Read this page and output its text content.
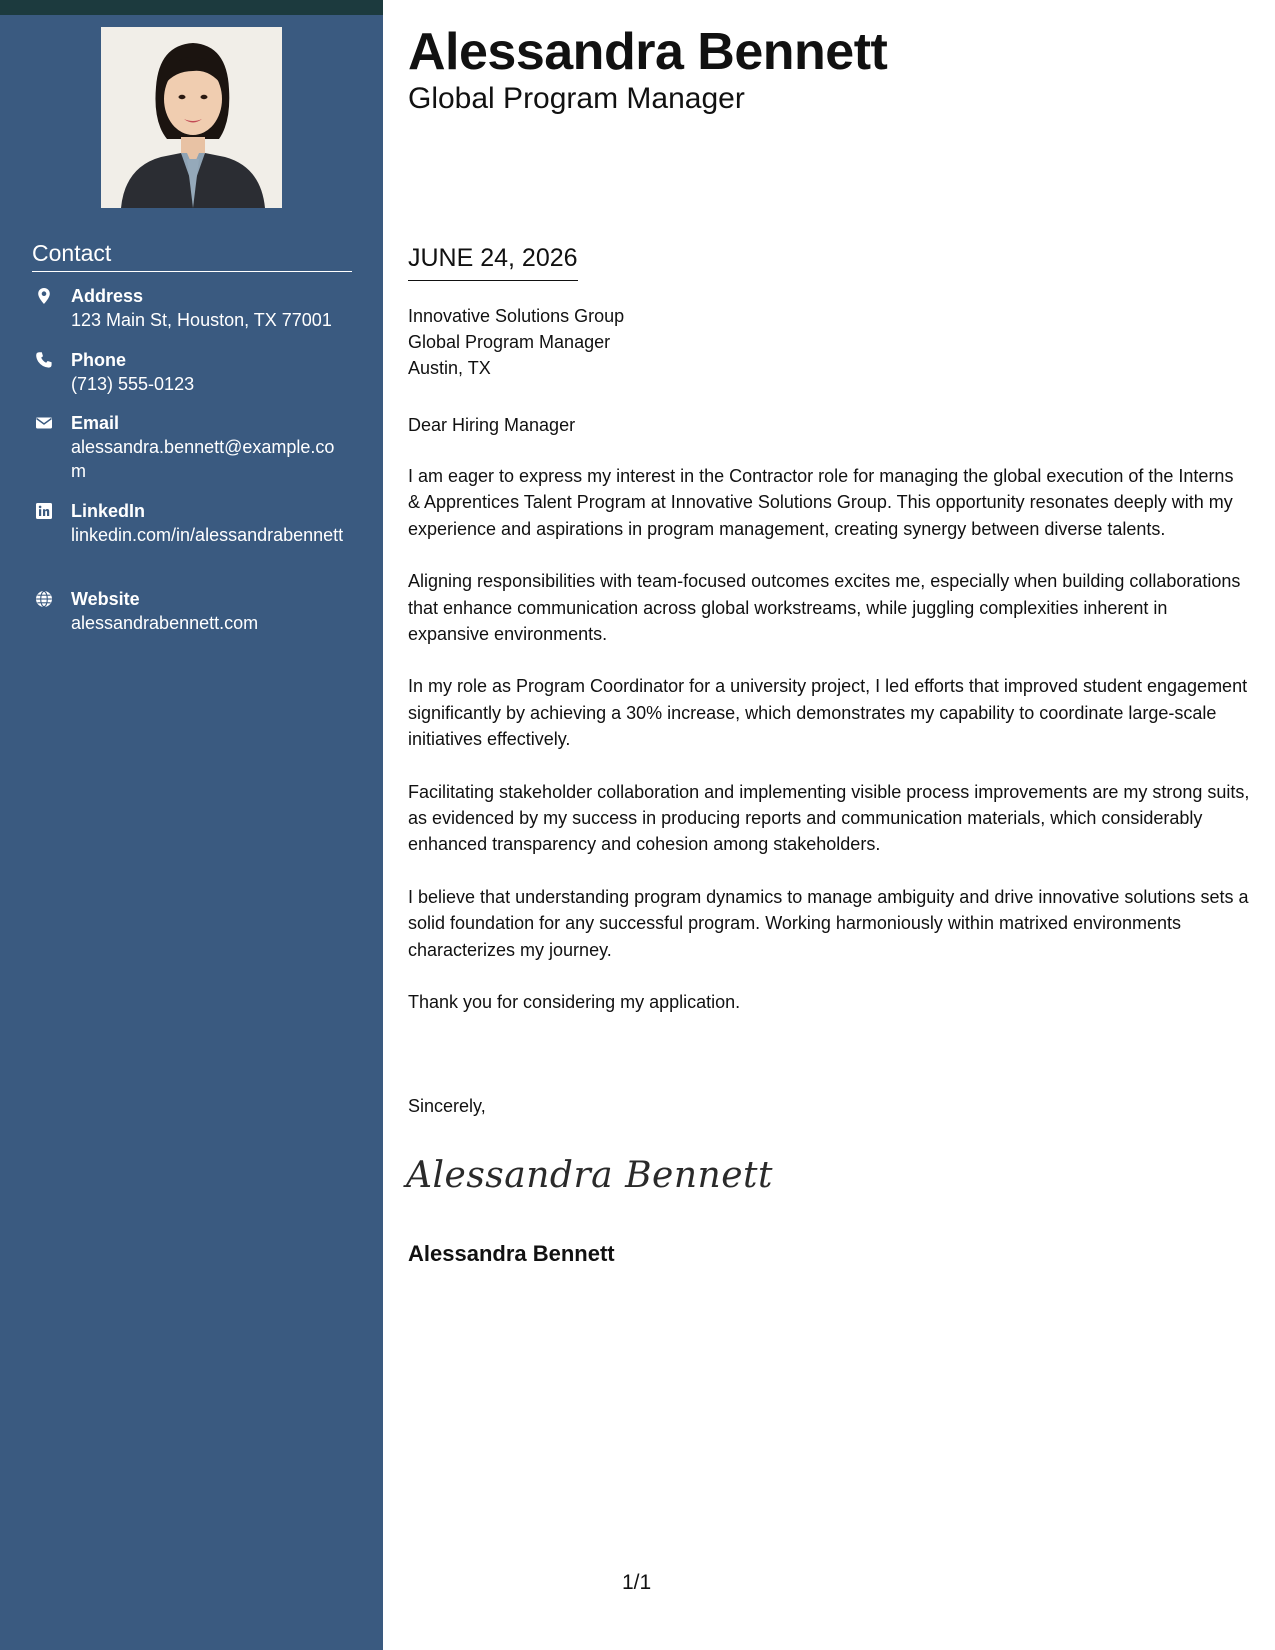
Contact
Address
123 Main St, Houston, TX 77001
Phone
(713) 555-0123
Email
alessandra.bennett@example.com
LinkedIn
linkedin.com/in/alessandrabennett
Website
alessandrabennett.com
Alessandra Bennett
Global Program Manager
JUNE 24, 2026
Innovative Solutions Group
Global Program Manager
Austin, TX
Dear Hiring Manager

I am eager to express my interest in the Contractor role for managing the global execution of the Interns & Apprentices Talent Program at Innovative Solutions Group. This opportunity resonates deeply with my experience and aspirations in program management, creating synergy between diverse talents.

Aligning responsibilities with team-focused outcomes excites me, especially when building collaborations that enhance communication across global workstreams, while juggling complexities inherent in expansive environments.

In my role as Program Coordinator for a university project, I led efforts that improved student engagement significantly by achieving a 30% increase, which demonstrates my capability to coordinate large-scale initiatives effectively.

Facilitating stakeholder collaboration and implementing visible process improvements are my strong suits, as evidenced by my success in producing reports and communication materials, which considerably enhanced transparency and cohesion among stakeholders.

I believe that understanding program dynamics to manage ambiguity and drive innovative solutions sets a solid foundation for any successful program. Working harmoniously within matrixed environments characterizes my journey.

Thank you for considering my application.

Sincerely,
Alessandra Bennett
Alessandra Bennett
1/1
